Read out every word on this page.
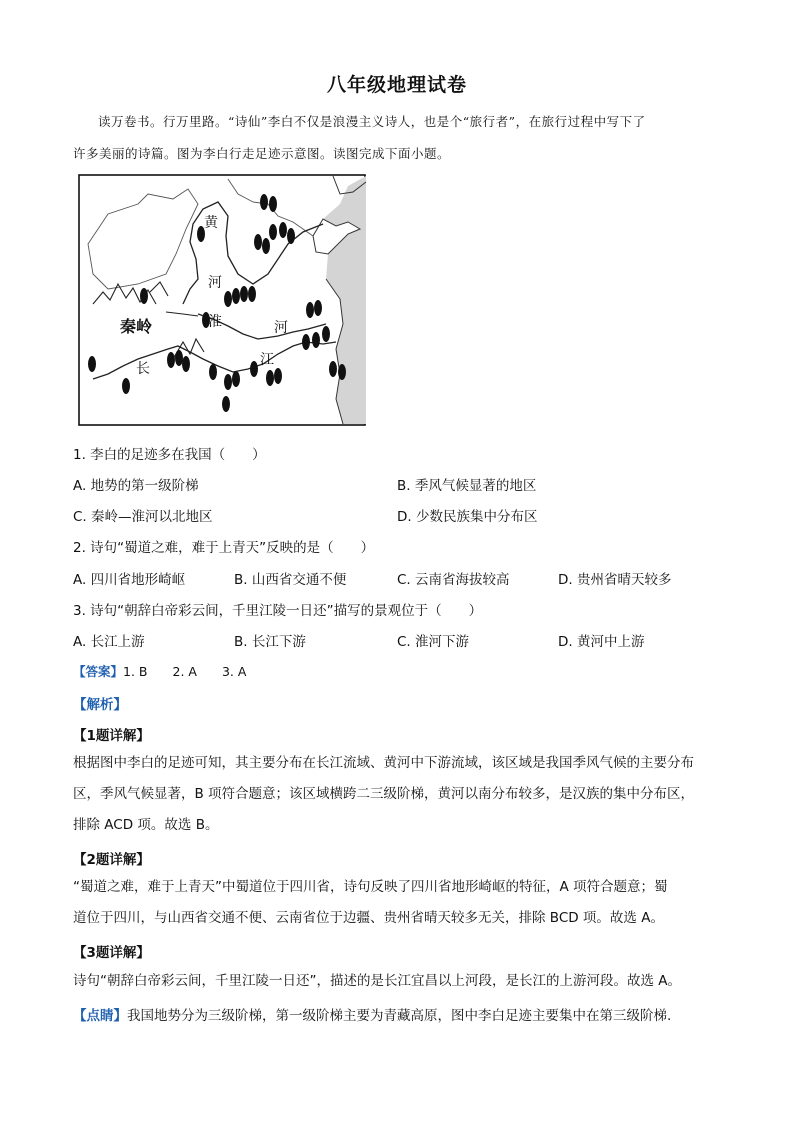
八年级地理试卷
读万卷书。行万里路。“诗仙”李白不仅是浪漫主义诗人，也是个“旅行者”，在旅行过程中写下了
许多美丽的诗篇。图为李白行走足迹示意图。读图完成下面小题。
黄
河
秦岭	淮	河
长
江
1. 李白的足迹多在我国（　　）
A. 地势的第一级阶梯	B. 季风气候显著的地区
C. 秦岭—淮河以北地区	D. 少数民族集中分布区
2. 诗句“蜀道之难，难于上青天”反映的是（　　）
A. 四川省地形崎岖	B. 山西省交通不便	C. 云南省海拔较高	D. 贵州省晴天较多
3. 诗句“朝辞白帝彩云间，千里江陵一日还”描写的景观位于（　　）
A. 长江上游	B. 长江下游	C. 淮河下游	D. 黄河中上游
【答案】1. B　　2. A　　3. A
【解析】
【1题详解】
根据图中李白的足迹可知，其主要分布在长江流域、黄河中下游流域，该区域是我国季风气候的主要分布
区，季风气候显著，B 项符合题意；该区域横跨二三级阶梯，黄河以南分布较多，是汉族的集中分布区，
排除 ACD 项。故选 B。
【2题详解】
“蜀道之难，难于上青天”中蜀道位于四川省，诗句反映了四川省地形崎岖的特征，A 项符合题意；蜀
道位于四川，与山西省交通不便、云南省位于边疆、贵州省晴天较多无关，排除 BCD 项。故选 A。
【3题详解】
诗句“朝辞白帝彩云间，千里江陵一日还”，描述的是长江宜昌以上河段，是长江的上游河段。故选 A。
【点睛】我国地势分为三级阶梯，第一级阶梯主要为青藏高原，图中李白足迹主要集中在第三级阶梯.
